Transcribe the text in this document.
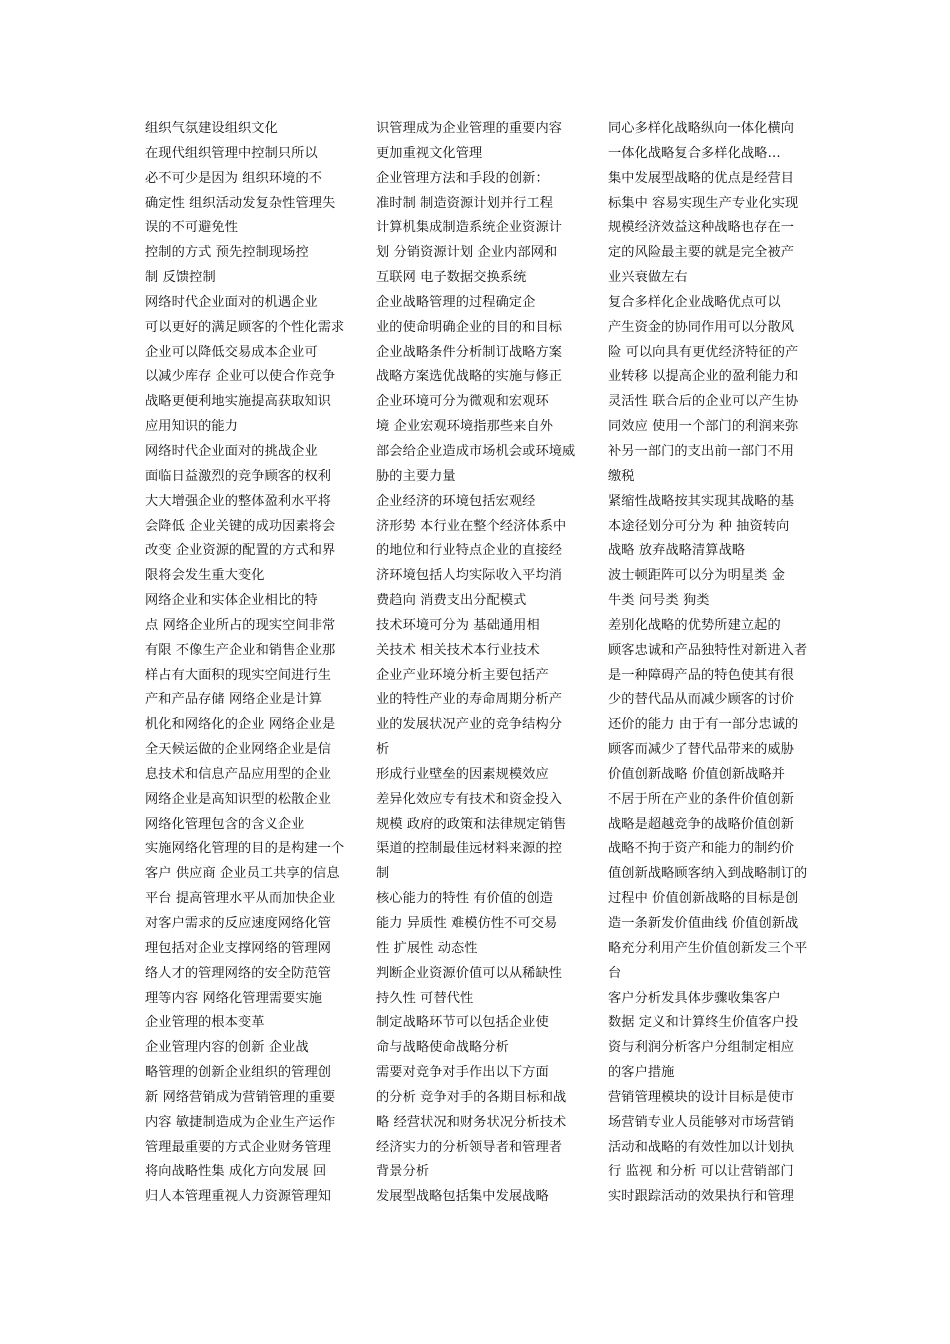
组织气氛建设组织文化
在现代组织管理中控制只所以
必不可少是因为 组织环境的不
确定性 组织活动发复杂性管理失
误的不可避免性
控制的方式 预先控制现场控
制 反馈控制
网络时代企业面对的机遇企业
可以更好的满足顾客的个性化需求
企业可以降低交易成本企业可
以减少库存 企业可以使合作竞争
战略更便利地实施提高获取知识
应用知识的能力
网络时代企业面对的挑战企业
面临日益激烈的竞争顾客的权利
大大增强企业的整体盈利水平将
会降低 企业关键的成功因素将会
改变 企业资源的配置的方式和界
限将会发生重大变化
网络企业和实体企业相比的特
点 网络企业所占的现实空间非常
有限 不像生产企业和销售企业那
样占有大面积的现实空间进行生
产和产品存储 网络企业是计算
机化和网络化的企业 网络企业是
全天候运做的企业网络企业是信
息技术和信息产品应用型的企业
网络企业是高知识型的松散企业
网络化管理包含的含义企业
实施网络化管理的目的是构建一个
客户 供应商 企业员工共享的信息
平台 提高管理水平从而加快企业
对客户需求的反应速度网络化管
理包括对企业支撑网络的管理网
络人才的管理网络的安全防范管
理等内容 网络化管理需要实施
企业管理的根本变革
企业管理内容的创新 企业战
略管理的创新企业组织的管理创
新 网络营销成为营销管理的重要
内容 敏捷制造成为企业生产运作
管理最重要的方式企业财务管理
将向战略性集 成化方向发展 回
归人本管理重视人力资源管理知
识管理成为企业管理的重要内容
更加重视文化管理
企业管理方法和手段的创新：
准时制 制造资源计划并行工程
计算机集成制造系统企业资源计
划 分销资源计划 企业内部网和
互联网 电子数据交换系统
企业战略管理的过程确定企
业的使命明确企业的目的和目标
企业战略条件分析制订战略方案
战略方案选优战略的实施与修正
企业环境可分为微观和宏观环
境 企业宏观环境指那些来自外
部会给企业造成市场机会或环境威
胁的主要力量
企业经济的环境包括宏观经
济形势 本行业在整个经济体系中
的地位和行业特点企业的直接经
济环境包括人均实际收入平均消
费趋向 消费支出分配模式
技术环境可分为 基础通用相
关技术 相关技术本行业技术
企业产业环境分析主要包括产
业的特性产业的寿命周期分析产
业的发展状况产业的竞争结构分
析
形成行业壁垒的因素规模效应
差异化效应专有技术和资金投入
规模 政府的政策和法律规定销售
渠道的控制最佳远材料来源的控
制
核心能力的特性 有价值的创造
能力 异质性 难模仿性不可交易
性 扩展性 动态性
判断企业资源价值可以从稀缺性
持久性 可替代性
制定战略环节可以包括企业使
命与战略使命战略分析
需要对竞争对手作出以下方面
的分析 竞争对手的各期目标和战
略 经营状况和财务状况分析技术
经济实力的分析领导者和管理者
背景分析
发展型战略包括集中发展战略
同心多样化战略纵向一体化横向
一体化战略复合多样化战略…
集中发展型战略的优点是经营目
标集中 容易实现生产专业化实现
规模经济效益这种战略也存在一
定的风险最主要的就是完全被产
业兴衰做左右
复合多样化企业战略优点可以
产生资金的协同作用可以分散风
险 可以向具有更优经济特征的产
业转移 以提高企业的盈利能力和
灵活性 联合后的企业可以产生协
同效应 使用一个部门的利润来弥
补另一部门的支出前一部门不用
缴税
紧缩性战略按其实现其战略的基
本途径划分可分为 种 抽资转向
战略 放弃战略清算战略
波士顿距阵可以分为明星类 金
牛类 问号类 狗类
差别化战略的优势所建立起的
顾客忠诚和产品独特性对新进入者
是一种障碍产品的特色使其有很
少的替代品从而减少顾客的讨价
还价的能力 由于有一部分忠诚的
顾客而减少了替代品带来的威胁
价值创新战略 价值创新战略并
不居于所在产业的条件价值创新
战略是超越竞争的战略价值创新
战略不拘于资产和能力的制约价
值创新战略顾客纳入到战略制订的
过程中 价值创新战略的目标是创
造一条新发价值曲线 价值创新战
略充分利用产生价值创新发三个平
台
客户分析发具体步骤收集客户
数据 定义和计算终生价值客户投
资与利润分析客户分组制定相应
的客户措施
营销管理模块的设计目标是使市
场营销专业人员能够对市场营销
活动和战略的有效性加以计划执
行 监视 和分析 可以让营销部门
实时跟踪活动的效果执行和管理
